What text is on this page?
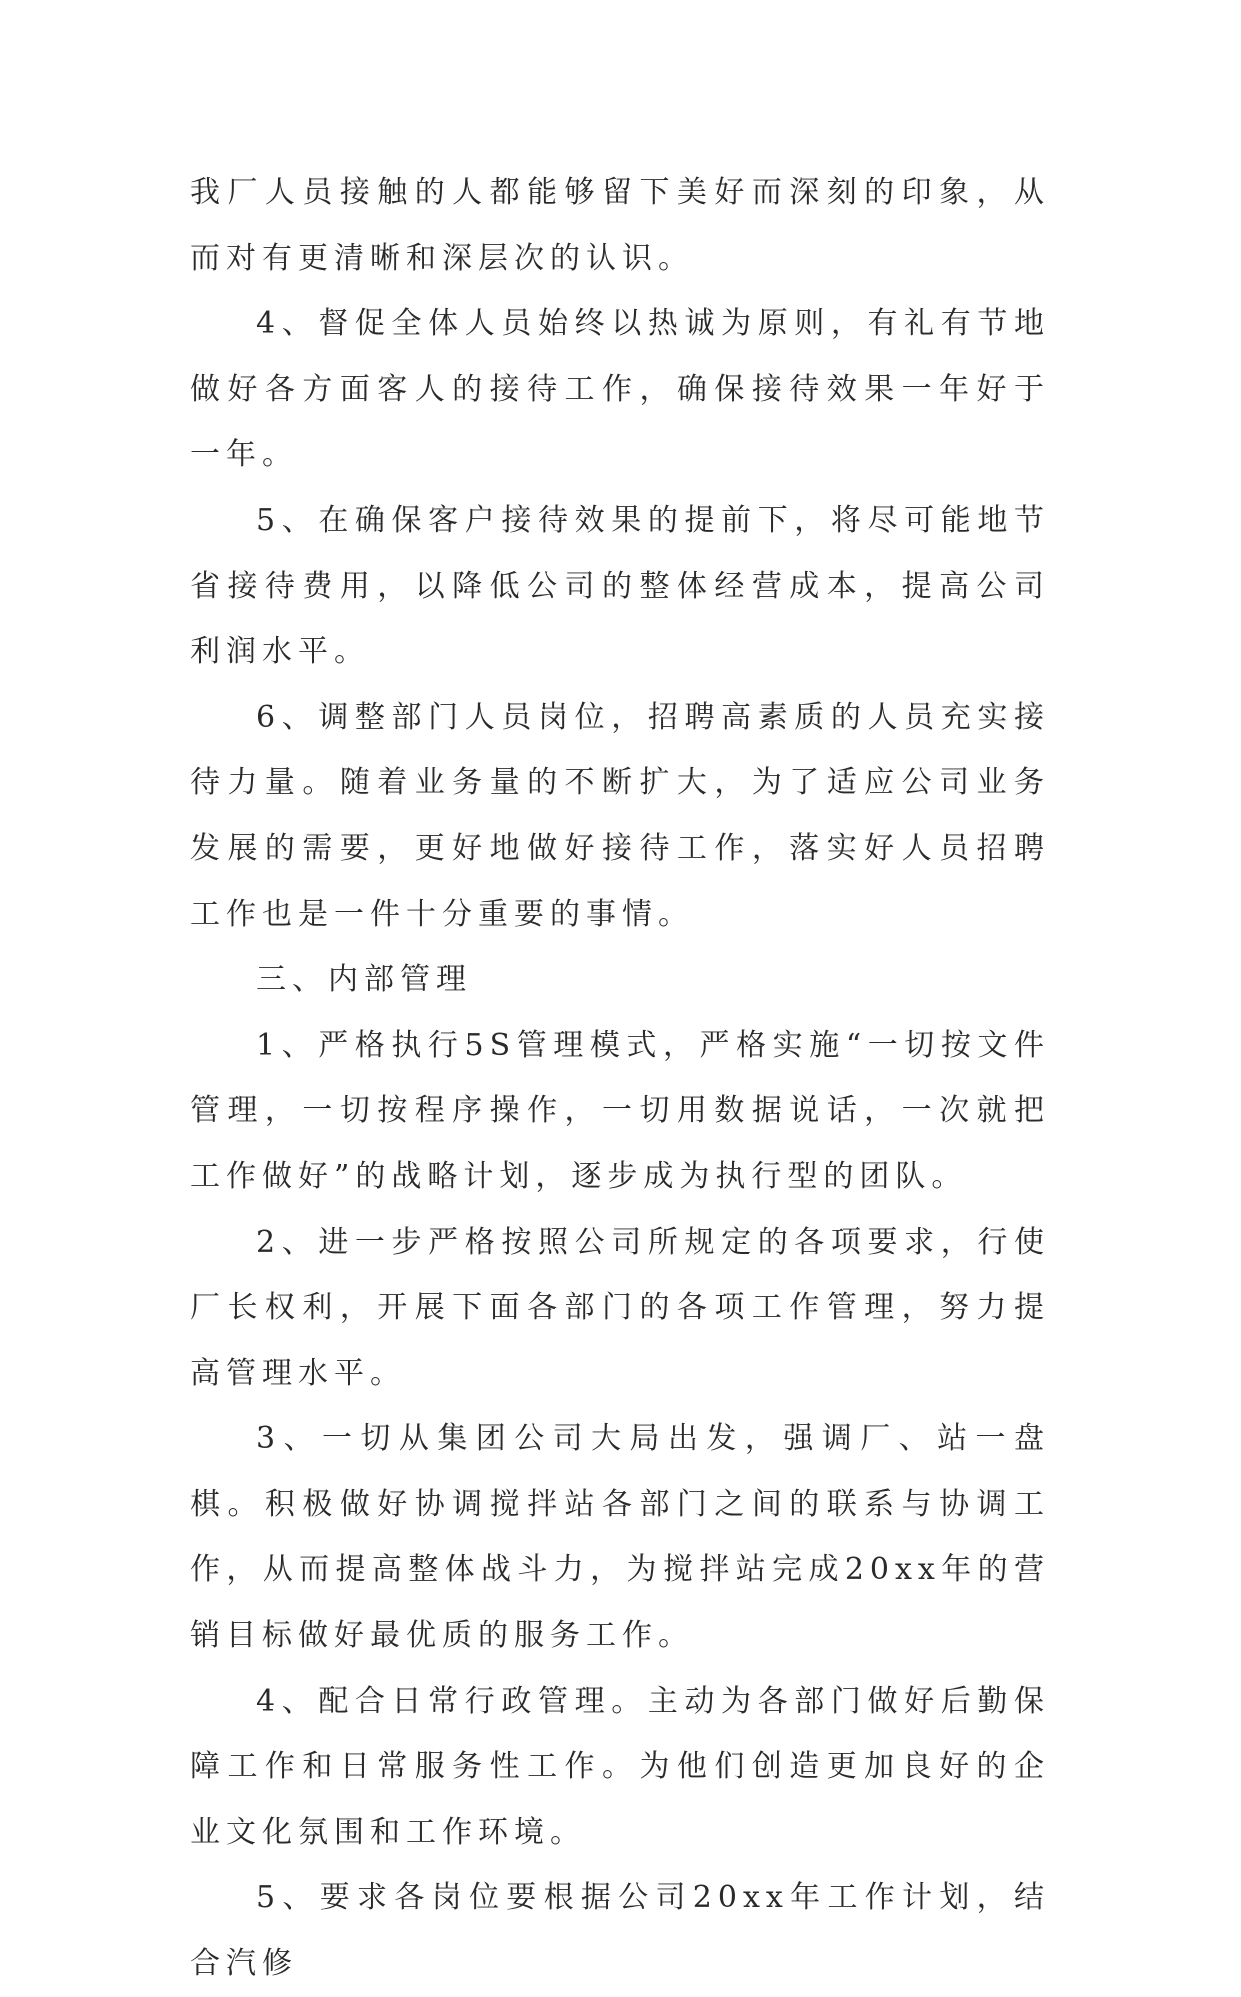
我厂人员接触的人都能够留下美好而深刻的印象，从而对有更清晰和深层次的认识。

4、督促全体人员始终以热诚为原则，有礼有节地做好各方面客人的接待工作，确保接待效果一年好于一年。

5、在确保客户接待效果的提前下，将尽可能地节省接待费用，以降低公司的整体经营成本，提高公司利润水平。

6、调整部门人员岗位，招聘高素质的人员充实接待力量。随着业务量的不断扩大，为了适应公司业务发展的需要，更好地做好接待工作，落实好人员招聘工作也是一件十分重要的事情。

三、内部管理

1、严格执行5S管理模式，严格实施“一切按文件管理，一切按程序操作，一切用数据说话，一次就把工作做好”的战略计划，逐步成为执行型的团队。

2、进一步严格按照公司所规定的各项要求，行使厂长权利，开展下面各部门的各项工作管理，努力提高管理水平。

3、一切从集团公司大局出发，强调厂、站一盘棋。积极做好协调搅拌站各部门之间的联系与协调工作，从而提高整体战斗力，为搅拌站完成20xx年的营销目标做好最优质的服务工作。

4、配合日常行政管理。主动为各部门做好后勤保障工作和日常服务性工作。为他们创造更加良好的企业文化氛围和工作环境。

5、要求各岗位要根据公司20xx年工作计划，结合汽修
